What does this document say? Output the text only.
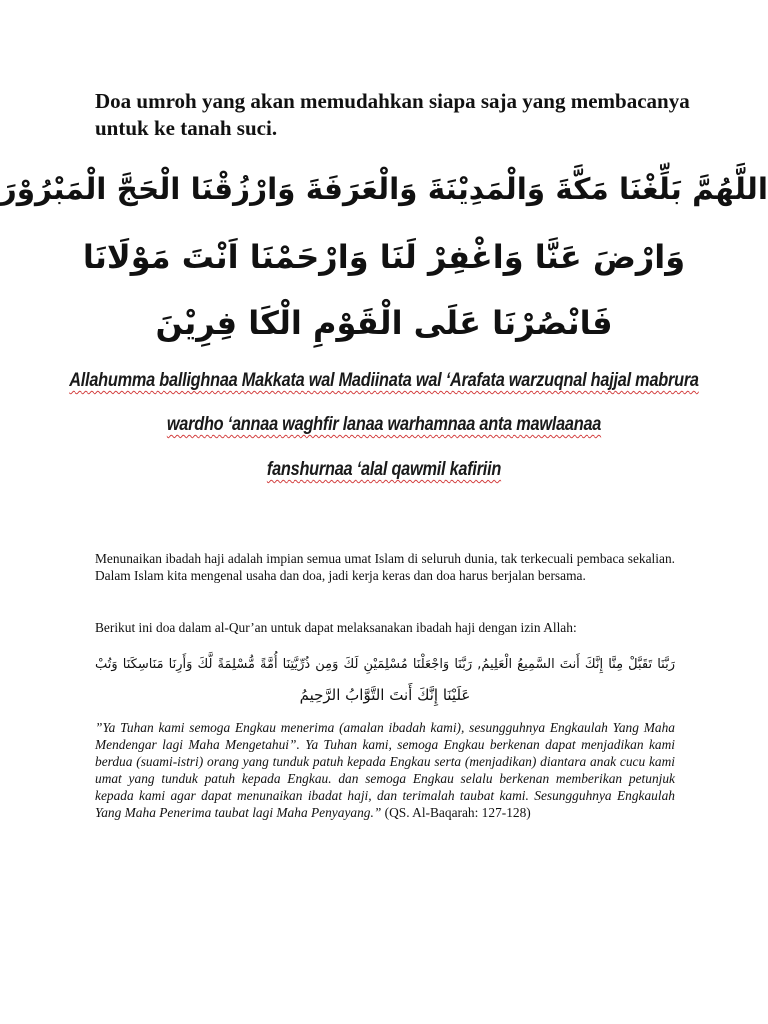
Doa umroh yang akan memudahkan siapa saja yang membacanya untuk ke tanah suci.
اللَّهُمَّ بَلِّغْنَا مَكَّةَ وَالْمَدِيْنَةَ وَالْعَرَفَةَ وَارْزُقْنَا الْحَجَّ الْمَبْرُوْرَ
وَارْضَ عَنَّا وَاغْفِرْ لَنَا وَارْحَمْنَا اَنْتَ مَوْلَانَا
فَانْصُرْنَا عَلَى الْقَوْمِ الْكَا فِرِيْنَ
Allahumma ballighnaa Makkata wal Madiinata wal ‘Arafata warzuqnal hajjal mabrura
wardho ‘annaa waghfir lanaa warhamnaa anta mawlaanaa
fanshurnaa ‘alal qawmil kafiriin

Menunaikan ibadah haji adalah impian semua umat Islam di seluruh dunia, tak terkecuali pembaca sekalian. Dalam Islam kita mengenal usaha dan doa, jadi kerja keras dan doa harus berjalan bersama.

Berikut ini doa dalam al-Qur’an untuk dapat melaksanakan ibadah haji dengan izin Allah:

رَبَّنَا تَقَبَّلْ مِنَّا إِنَّكَ أَنتَ السَّمِيعُ الْعَلِيمُ, رَبَّنَا وَاجْعَلْنَا مُسْلِمَيْنِ لَكَ وَمِن ذُرِّيَّتِنَا أُمَّةً مُّسْلِمَةً لَّكَ وَأَرِنَا مَنَاسِكَنَا وَتُبْ
عَلَيْنَا إِنَّكَ أَنتَ التَّوَّابُ الرَّحِيمُ

”Ya Tuhan kami semoga Engkau menerima (amalan ibadah kami), sesungguhnya Engkaulah Yang Maha Mendengar lagi Maha Mengetahui”. Ya Tuhan kami, semoga Engkau berkenan dapat menjadikan kami berdua (suami-istri) orang yang tunduk patuh kepada Engkau serta (menjadikan) diantara anak cucu kami umat yang tunduk patuh kepada Engkau. dan semoga Engkau selalu berkenan memberikan petunjuk kepada kami agar dapat menunaikan ibadat haji, dan terimalah taubat kami. Sesungguhnya Engkaulah Yang Maha Penerima taubat lagi Maha Penyayang.” (QS. Al-Baqarah: 127-128)
